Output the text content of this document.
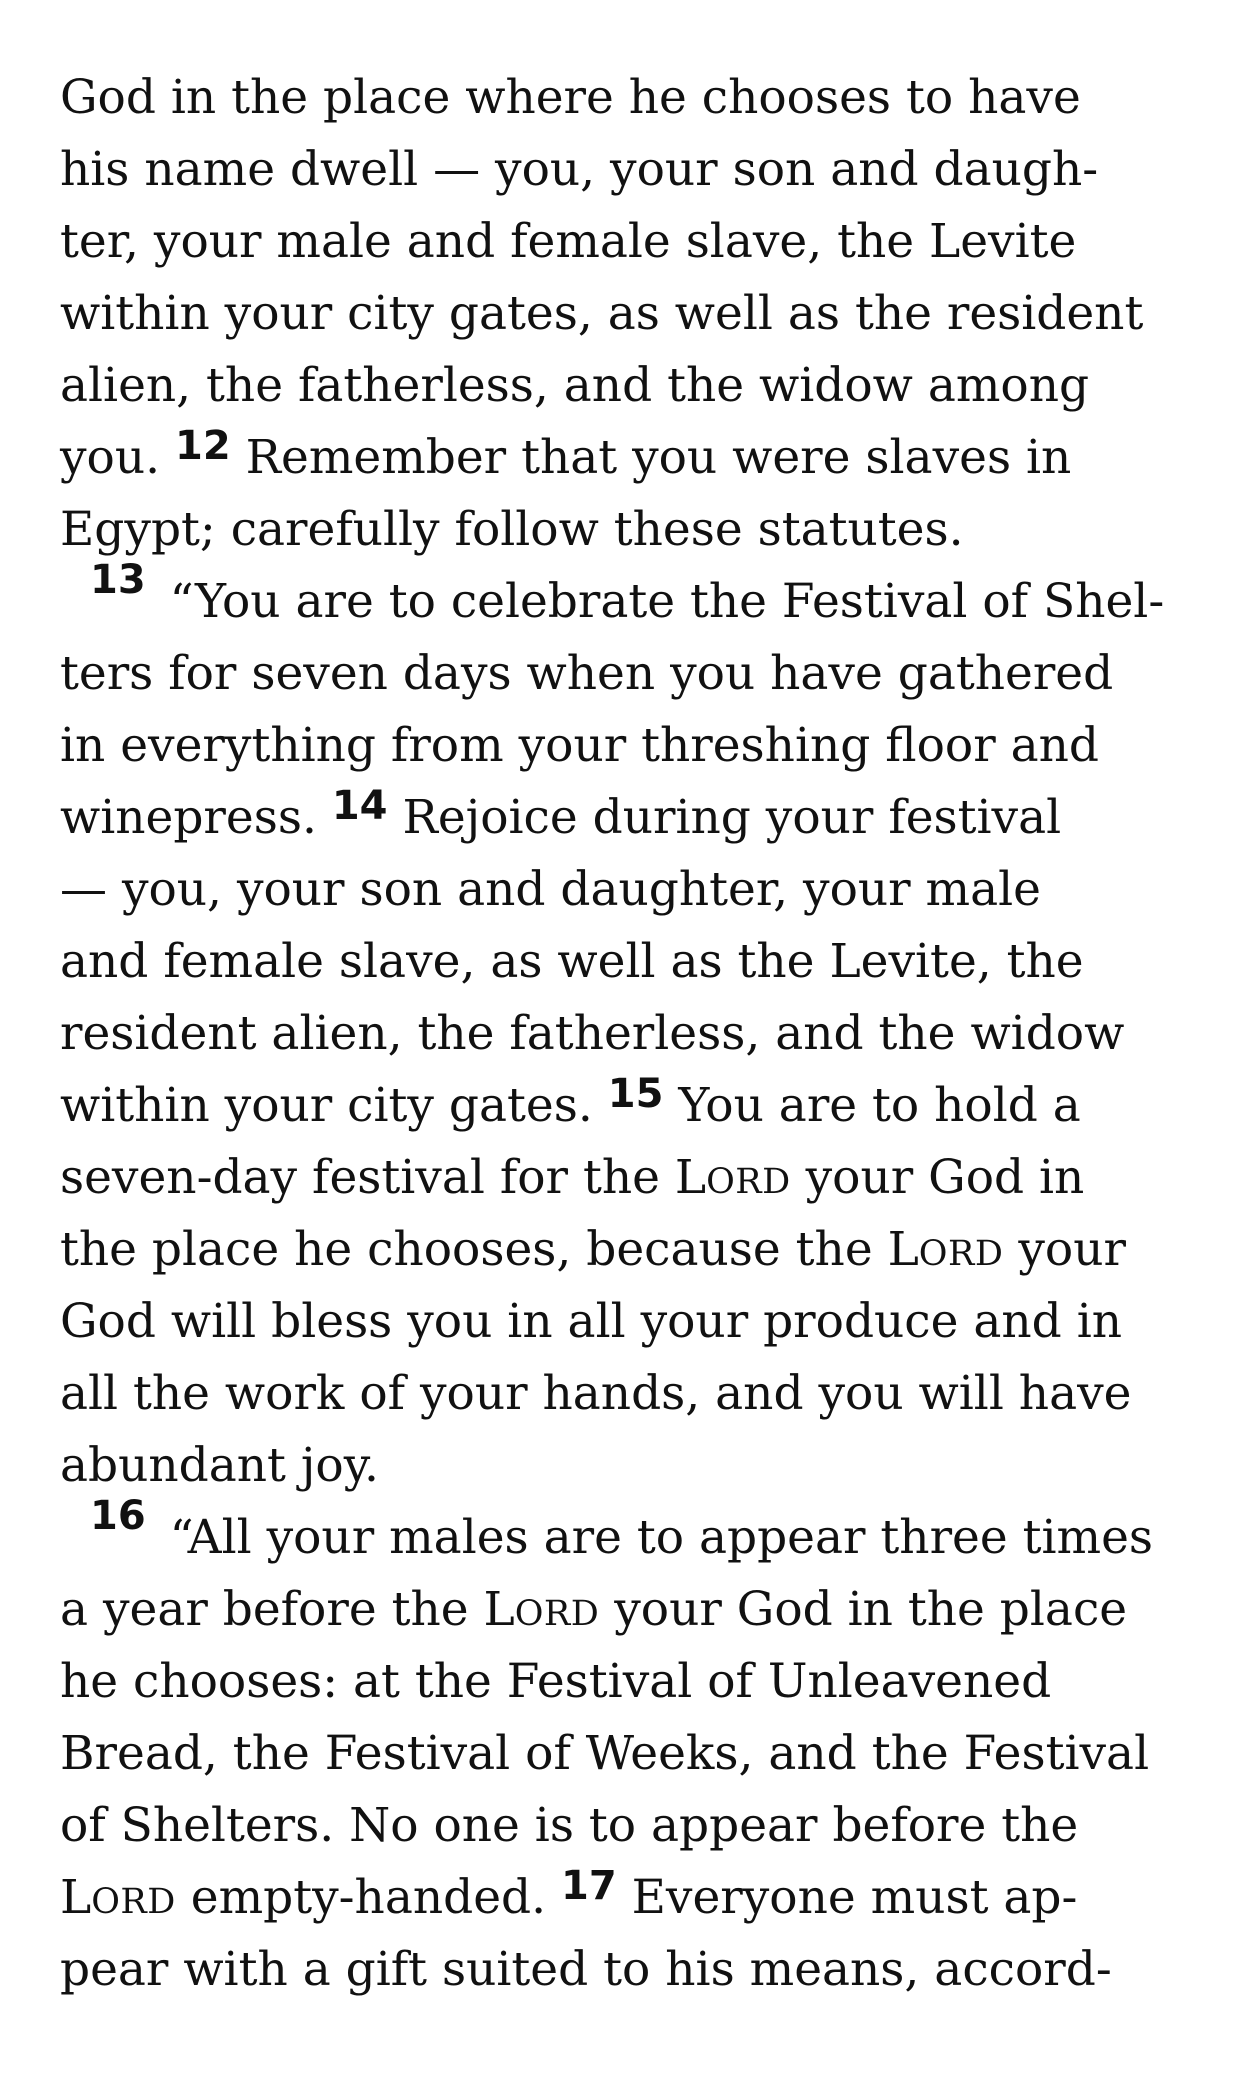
God in the place where he chooses to have
his name dwell — you, your son and daugh-
ter, your male and female slave, the Levite
within your city gates, as well as the resident
alien, the fatherless, and the widow among
you. 12 Remember that you were slaves in
Egypt; carefully follow these statutes.
13 “You are to celebrate the Festival of Shel-
ters for seven days when you have gathered
in everything from your threshing floor and
winepress. 14 Rejoice during your festival
— you, your son and daughter, your male
and female slave, as well as the Levite, the
resident alien, the fatherless, and the widow
within your city gates. 15 You are to hold a
seven-day festival for the LORD your God in
the place he chooses, because the LORD your
God will bless you in all your produce and in
all the work of your hands, and you will have
abundant joy.
16 “All your males are to appear three times
a year before the LORD your God in the place
he chooses: at the Festival of Unleavened
Bread, the Festival of Weeks, and the Festival
of Shelters. No one is to appear before the
LORD empty-handed. 17 Everyone must ap-
pear with a gift suited to his means, accord-
